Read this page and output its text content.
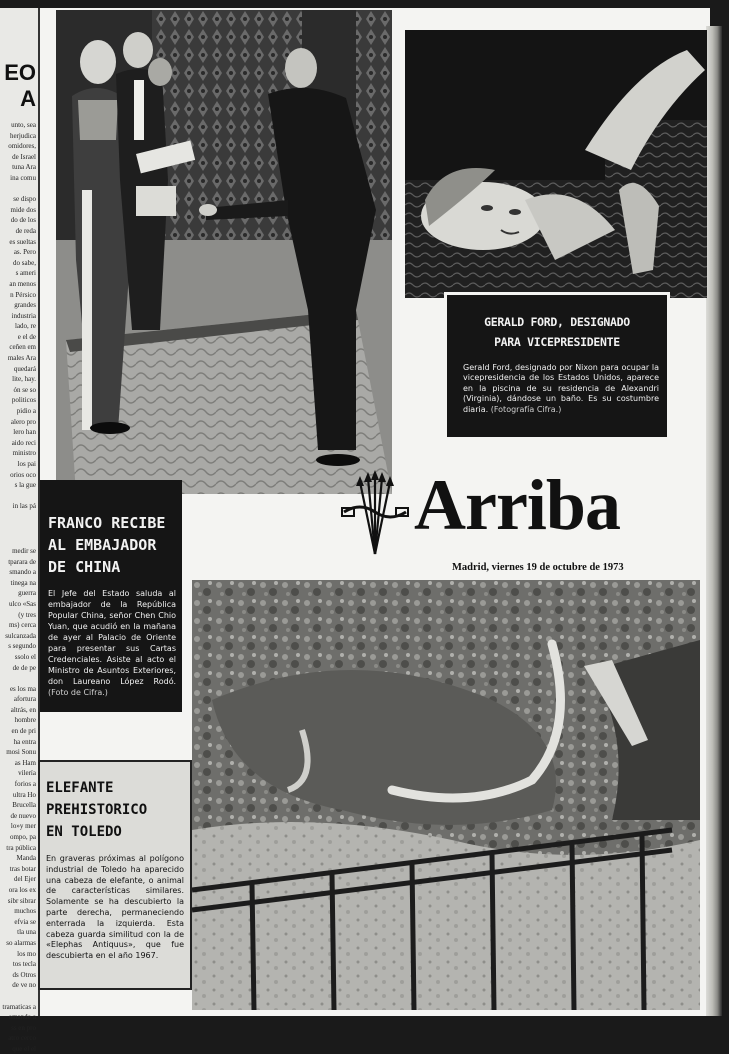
EO
A
unto, sea
herjudica
omidores,
de Israel
tuna Ara
ina comu

se dispo
mide dos
do de los
de reda
es sueltas
as. Pero
do sabe,
s ameri
an menos
n Pérsico
grandes
industria
lado, re
e el de
ceñen em
males Ara
quedará
lite, hay.
ón se so
politicos
pidio a
alero pro
lero han
aido reci
ministro
los pai
orios oco
s la gue

in las pá
medir se
tparara de
smando a
tinega na
guerra
ulco «Sas
(y tres
ms) cerca
sulcanzada
s segundo
ssolo el
de de pe

es los ma
afortura
altrás, en
hombre
en de pri
ha entra
mosi Sonu
as Ham
vilería
forios a
ultra Ho
Brucella
de nuevo
lo»y mer
ompo, pa
tra pública
Manda
tras botar
del Ejer
ora los ex
sibr sibrar
muchos
efvia se
tla una
so alarmas
los mo
tos tecla
ds Otros
de ve no

tramaticas a
omando a
ss en pro
atro cerco
que el el
GERALD FORD, DESIGNADO
PARA VICEPRESIDENTE
Gerald Ford, designado por Nixon para ocupar la vicepresidencia de los Estados Unidos, aparece en la piscina de su residencia de Alexandri (Virginia), dándose un baño. Es su costumbre diaria. (Fotografía Cifra.)
Arriba
Madrid, viernes 19 de octubre de 1973
FRANCO RECIBE
AL EMBAJADOR
DE CHINA
El Jefe del Estado saluda al embajador de la República Popular China, señor Chen Chio Yuan, que acudió en la mañana de ayer al Palacio de Oriente para presentar sus Cartas Credenciales. Asiste al acto el Ministro de Asuntos Exteriores, don Laureano López Rodó. (Foto de Cifra.)
ELEFANTE
PREHISTORICO
EN TOLEDO
En graveras próximas al polígono industrial de Toledo ha aparecido una cabeza de elefante, o animal de características similares. Solamente se ha descubierto la parte derecha, permaneciendo enterrada la izquierda. Esta cabeza guarda similitud con la de «Elephas Antiquus», que fue descubierta en el año 1967.
